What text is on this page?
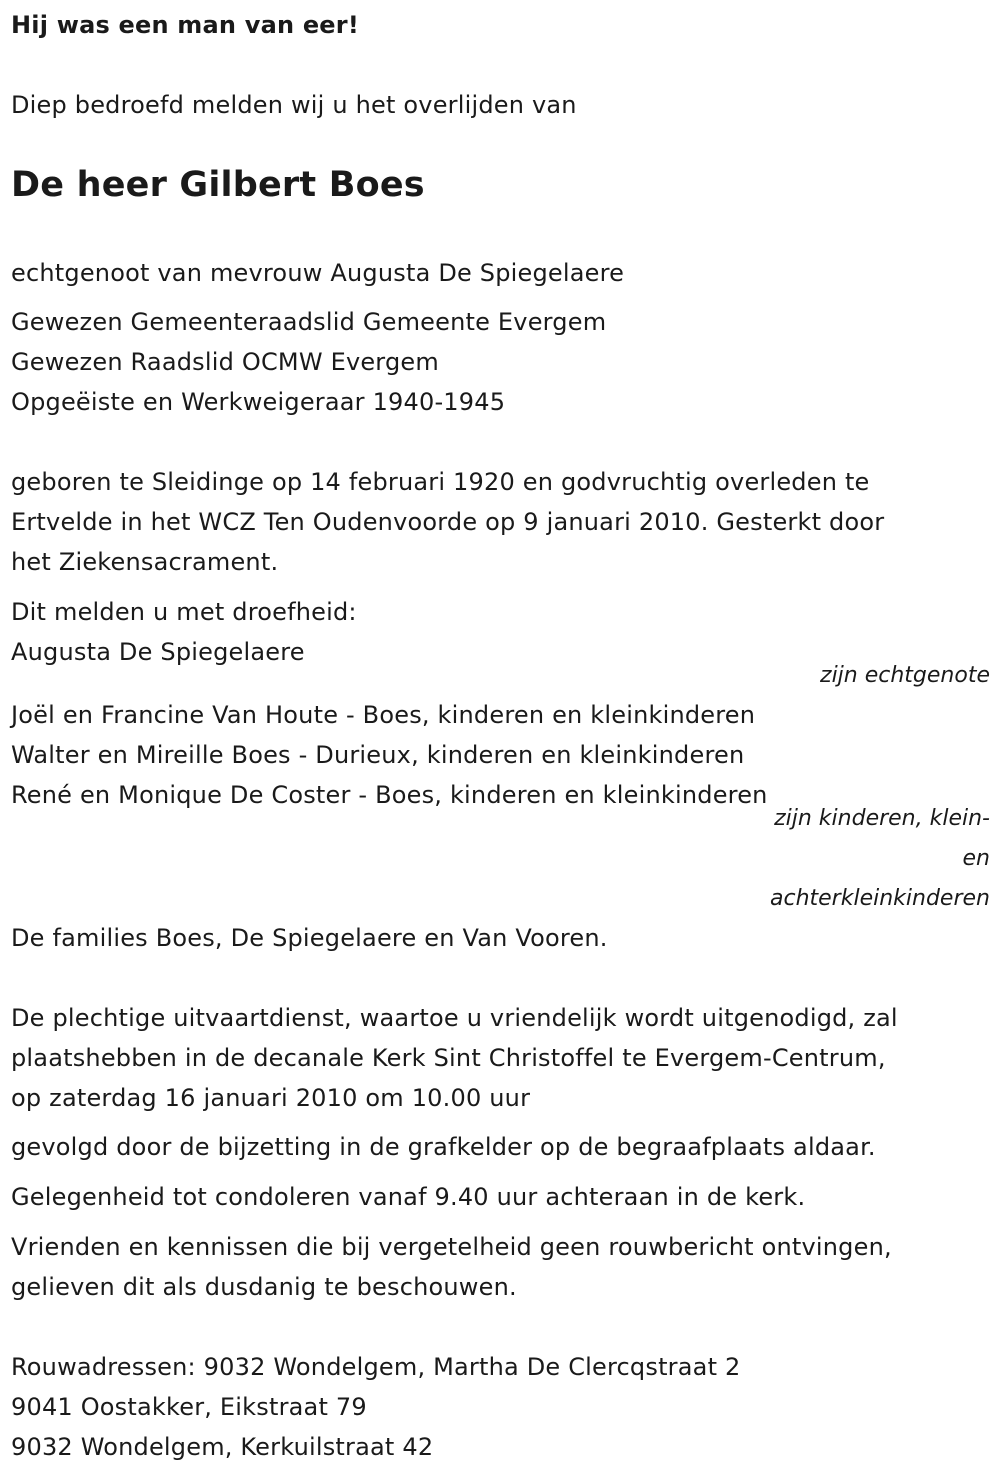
Hij was een man van eer!
Diep bedroefd melden wij u het overlijden van
De heer Gilbert Boes
echtgenoot van mevrouw Augusta De Spiegelaere
Gewezen Gemeenteraadslid Gemeente Evergem
Gewezen Raadslid OCMW Evergem
Opgeëiste en Werkweigeraar 1940-1945
geboren te Sleidinge op 14 februari 1920 en godvruchtig overleden te
Ertvelde in het WCZ Ten Oudenvoorde op 9 januari 2010. Gesterkt door
het Ziekensacrament.
Dit melden u met droefheid:
Augusta De Spiegelaere
zijn echtgenote
Joël en Francine Van Houte - Boes, kinderen en kleinkinderen
Walter en Mireille Boes - Durieux, kinderen en kleinkinderen
René en Monique De Coster - Boes, kinderen en kleinkinderen
zijn kinderen, klein-
en
achterkleinkinderen
De families Boes, De Spiegelaere en Van Vooren.
De plechtige uitvaartdienst, waartoe u vriendelijk wordt uitgenodigd, zal
plaatshebben in de decanale Kerk Sint Christoffel te Evergem-Centrum,
op zaterdag 16 januari 2010 om 10.00 uur
gevolgd door de bijzetting in de grafkelder op de begraafplaats aldaar.
Gelegenheid tot condoleren vanaf 9.40 uur achteraan in de kerk.
Vrienden en kennissen die bij vergetelheid geen rouwbericht ontvingen,
gelieven dit als dusdanig te beschouwen.
Rouwadressen: 9032 Wondelgem, Martha De Clercqstraat 2
9041 Oostakker, Eikstraat 79
9032 Wondelgem, Kerkuilstraat 42
